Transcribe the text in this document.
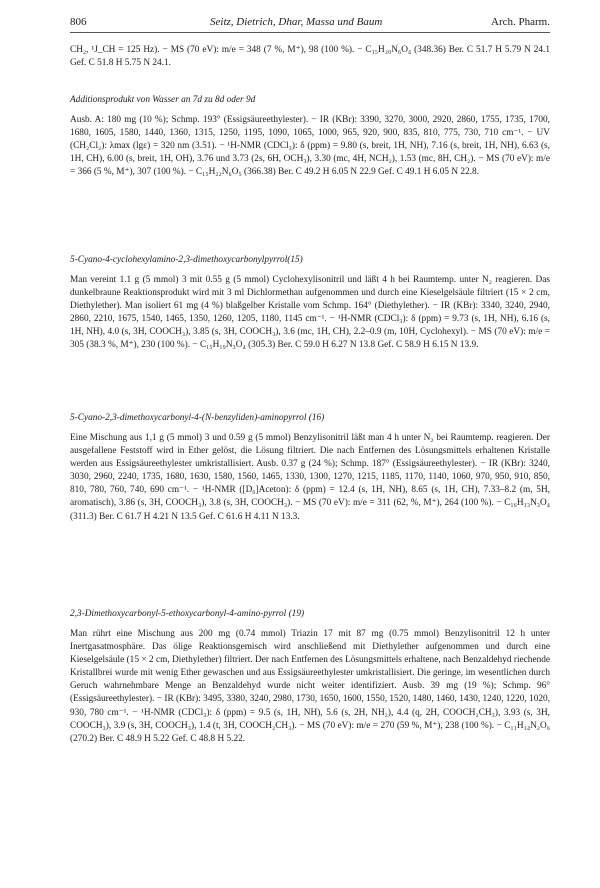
806	Seitz, Dietrich, Dhar, Massa und Baum	Arch. Pharm.

CH₂, ¹J_CH = 125 Hz). − MS (70 eV): m/e = 348 (7 %, M⁺), 98 (100 %). − C₁₅H₂₀N₆O₄ (348.36) Ber. C 51.7 H 5.79 N 24.1 Gef. C 51.8 H 5.75 N 24.1.

Additionsprodukt von Wasser an 7d zu 8d oder 9d

Ausb. A: 180 mg (10 %); Schmp. 193° (Essigsäureethylester). − IR (KBr): 3390, 3270, 3000, 2920, 2860, 1755, 1735, 1700, 1680, 1605, 1580, 1440, 1360, 1315, 1250, 1195, 1090, 1065, 1000, 965, 920, 900, 835, 810, 775, 730, 710 cm⁻¹. − UV (CH₂Cl₂): λmax (lgε) = 320 nm (3.51). − ¹H-NMR (CDCl₃): δ (ppm) = 9.80 (s, breit, 1H, NH), 7.16 (s, breit, 1H, NH), 6.63 (s, 1H, CH), 6.00 (s, breit, 1H, OH), 3.76 und 3.73 (2s, 6H, OCH₃), 3.30 (mc, 4H, NCH₂), 1.53 (mc, 8H, CH₂). − MS (70 eV): m/e = 366 (5 %, M⁺), 307 (100 %). − C₁₅H₂₂N₆O₅ (366.38) Ber. C 49.2 H 6.05 N 22.9 Gef. C 49.1 H 6.05 N 22.8.

5-Cyano-4-cyclohexylamino-2,3-dimethoxycarbonylpyrrol(15)

Man vereint 1.1 g (5 mmol) 3 mit 0.55 g (5 mmol) Cyclohexylisonitril und läßt 4 h bei Raumtemp. unter N₂ reagieren. Das dunkelbraune Reaktionsprodukt wird mit 3 ml Dichlormethan aufgenommen und durch eine Kieselgelsäule filtriert (15 × 2 cm, Diethylether). Man isoliert 61 mg (4 %) blaßgelber Kristalle vom Schmp. 164° (Diethylether). − IR (KBr): 3340, 3240, 2940, 2860, 2210, 1675, 1540, 1465, 1350, 1260, 1205, 1180, 1145 cm⁻¹. − ¹H-NMR (CDCl₃): δ (ppm) = 9.73 (s, 1H, NH), 6.16 (s, 1H, NH), 4.0 (s, 3H, COOCH₃), 3.85 (s, 3H, COOCH₃), 3.6 (mc, 1H, CH), 2.2–0.9 (m, 10H, Cyclohexyl). − MS (70 eV): m/e = 305 (38.3 %, M⁺), 230 (100 %). − C₁₅H₁₉N₃O₄ (305.3) Ber. C 59.0 H 6.27 N 13.8 Gef. C 58.9 H 6.15 N 13.9.

5-Cyano-2,3-dimethoxycarbonyl-4-(N-benzyliden)-aminopyrrol (16)

Eine Mischung aus 1,1 g (5 mmol) 3 und 0.59 g (5 mmol) Benzylisonitril läßt man 4 h unter N₂ bei Raumtemp. reagieren. Der ausgefallene Feststoff wird in Ether gelöst, die Lösung filtriert. Die nach Entfernen des Lösungsmittels erhaltenen Kristalle werden aus Essigsäureethylester umkristallisiert. Ausb. 0.37 g (24 %); Schmp. 187° (Essigsäureethylester). − IR (KBr): 3240, 3030, 2960, 2240, 1735, 1680, 1630, 1580, 1560, 1465, 1330, 1300, 1270, 1215, 1185, 1170, 1140, 1060, 970, 950, 910, 850, 810, 780, 760, 740, 690 cm⁻¹. − ¹H-NMR ([D₆]Aceton): δ (ppm) = 12.4 (s, 1H, NH), 8.65 (s, 1H, CH), 7.33–8.2 (m, 5H, aromatisch), 3.86 (s, 3H, COOCH₃), 3.8 (s, 3H, COOCH₃). − MS (70 eV): m/e = 311 (62, %, M⁺), 264 (100 %). − C₁₆H₁₃N₃O₄ (311.3) Ber. C 61.7 H 4.21 N 13.5 Gef. C 61.6 H 4.11 N 13.3.

2,3-Dimethoxycarbonyl-5-ethoxycarbonyl-4-amino-pyrrol (19)

Man rührt eine Mischung aus 200 mg (0.74 mmol) Triazin 17 mit 87 mg (0.75 mmol) Benzylisonitril 12 h unter Inertgasatmosphäre. Das ölige Reaktionsgemisch wird anschließend mit Diethylether aufgenommen und durch eine Kieselgelsäule (15 × 2 cm, Diethylether) filtriert. Der nach Entfernen des Lösungsmittels erhaltene, nach Benzaldehyd riechende Kristallbrei wurde mit wenig Ether gewaschen und aus Essigsäureethylester umkristallisiert. Die geringe, im wesentlichen durch Geruch wahrnehmbare Menge an Benzaldehyd wurde nicht weiter identifiziert. Ausb. 39 mg (19 %); Schmp. 96° (Essigsäureethylester). − IR (KBr): 3495, 3380, 3240, 2980, 1730, 1650, 1600, 1550, 1520, 1480, 1460, 1430, 1240, 1220, 1020, 930, 780 cm⁻¹. − ¹H-NMR (CDCl₃): δ (ppm) = 9.5 (s, 1H, NH), 5.6 (s, 2H, NH₂), 4.4 (q, 2H, COOCH₂CH₃), 3.93 (s, 3H, COOCH₃), 3.9 (s, 3H, COOCH₃), 1.4 (t, 3H, COOCH₂CH₃). − MS (70 eV): m/e = 270 (59 %, M⁺), 238 (100 %). − C₁₁H₁₄N₂O₆ (270.2) Ber. C 48.9 H 5.22 Gef. C 48.8 H 5.22.
